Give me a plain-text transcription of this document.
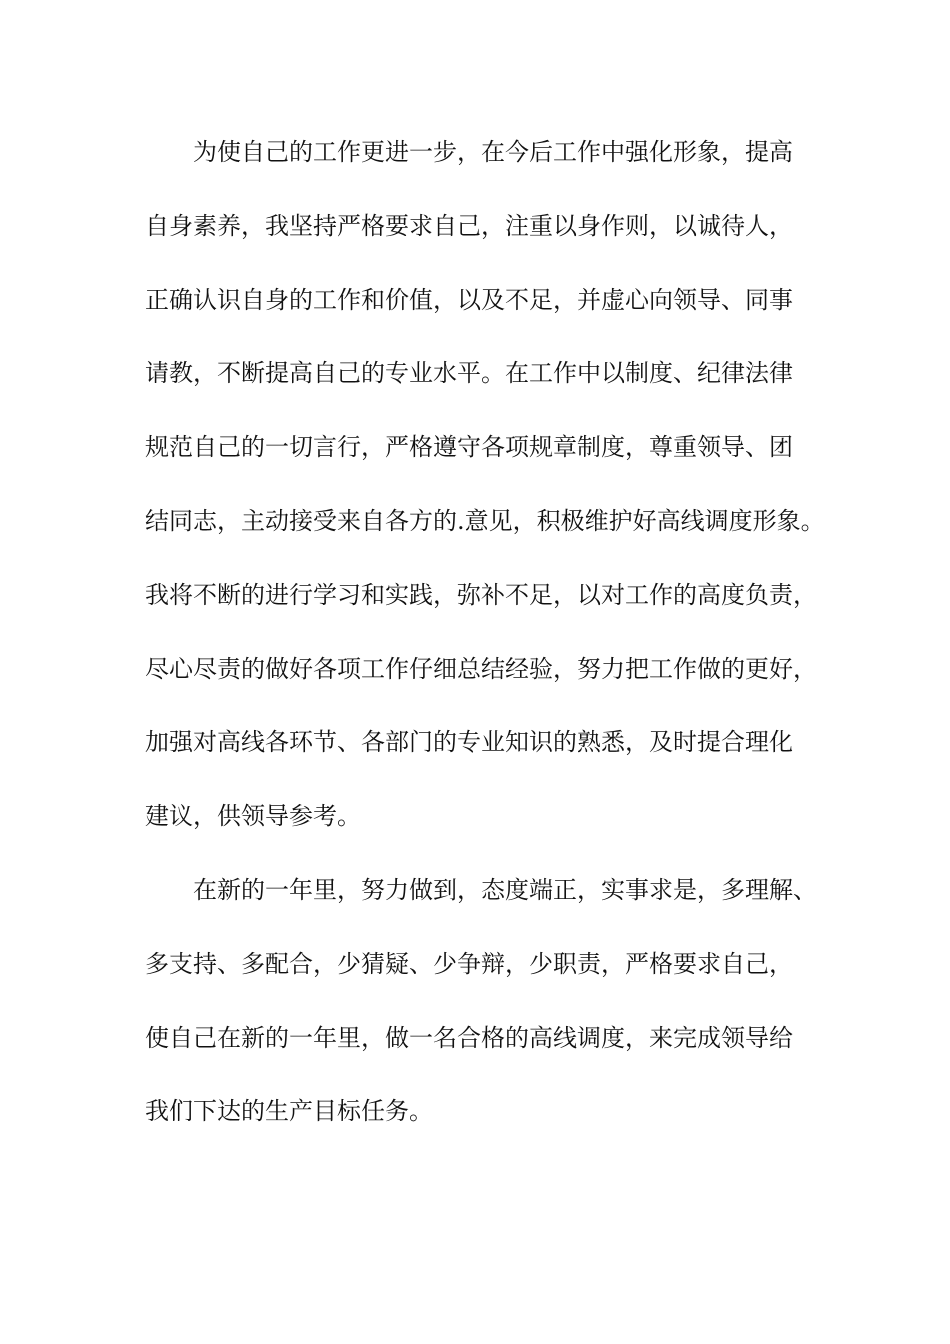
为使自己的工作更进一步，在今后工作中强化形象，提高
自身素养，我坚持严格要求自己，注重以身作则，以诚待人，
正确认识自身的工作和价值，以及不足，并虚心向领导、同事
请教，不断提高自己的专业水平。在工作中以制度、纪律法律
规范自己的一切言行，严格遵守各项规章制度，尊重领导、团
结同志，主动接受来自各方的.意见，积极维护好高线调度形象。
我将不断的进行学习和实践，弥补不足，以对工作的高度负责，
尽心尽责的做好各项工作仔细总结经验，努力把工作做的更好，
加强对高线各环节、各部门的专业知识的熟悉，及时提合理化
建议，供领导参考。
在新的一年里，努力做到，态度端正，实事求是，多理解、
多支持、多配合，少猜疑、少争辩，少职责，严格要求自己，
使自己在新的一年里，做一名合格的高线调度，来完成领导给
我们下达的生产目标任务。
